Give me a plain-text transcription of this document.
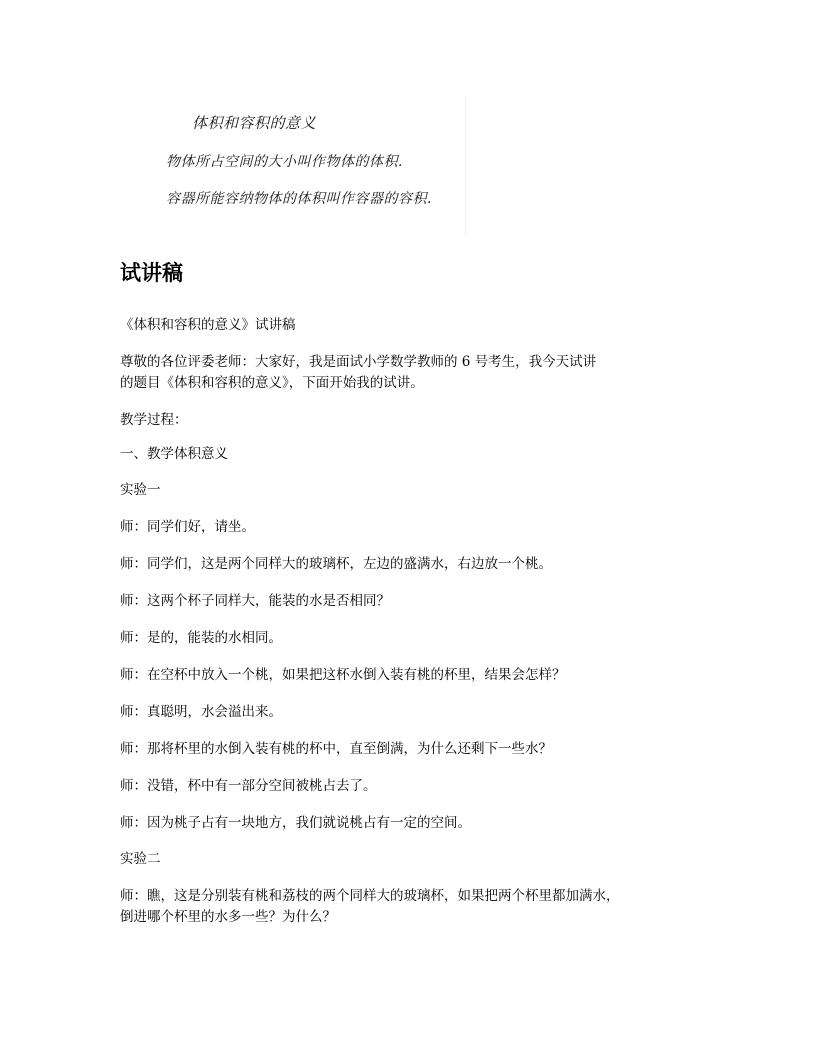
体积和容积的意义
物体所占空间的大小叫作物体的体积.
容器所能容纳物体的体积叫作容器的容积.
试讲稿

《体积和容积的意义》试讲稿

尊敬的各位评委老师：大家好，我是面试小学数学教师的 6 号考生，我今天试讲

的题目《体积和容积的意义》，下面开始我的试讲。

教学过程：

一、教学体积意义

实验一

师：同学们好，请坐。

师：同学们，这是两个同样大的玻璃杯，左边的盛满水，右边放一个桃。

师：这两个杯子同样大，能装的水是否相同？

师：是的，能装的水相同。

师：在空杯中放入一个桃，如果把这杯水倒入装有桃的杯里，结果会怎样？

师：真聪明，水会溢出来。

师：那将杯里的水倒入装有桃的杯中，直至倒满，为什么还剩下一些水？

师：没错，杯中有一部分空间被桃占去了。

师：因为桃子占有一块地方，我们就说桃占有一定的空间。

实验二

师：瞧，这是分别装有桃和荔枝的两个同样大的玻璃杯，如果把两个杯里都加满水，

倒进哪个杯里的水多一些？为什么？
